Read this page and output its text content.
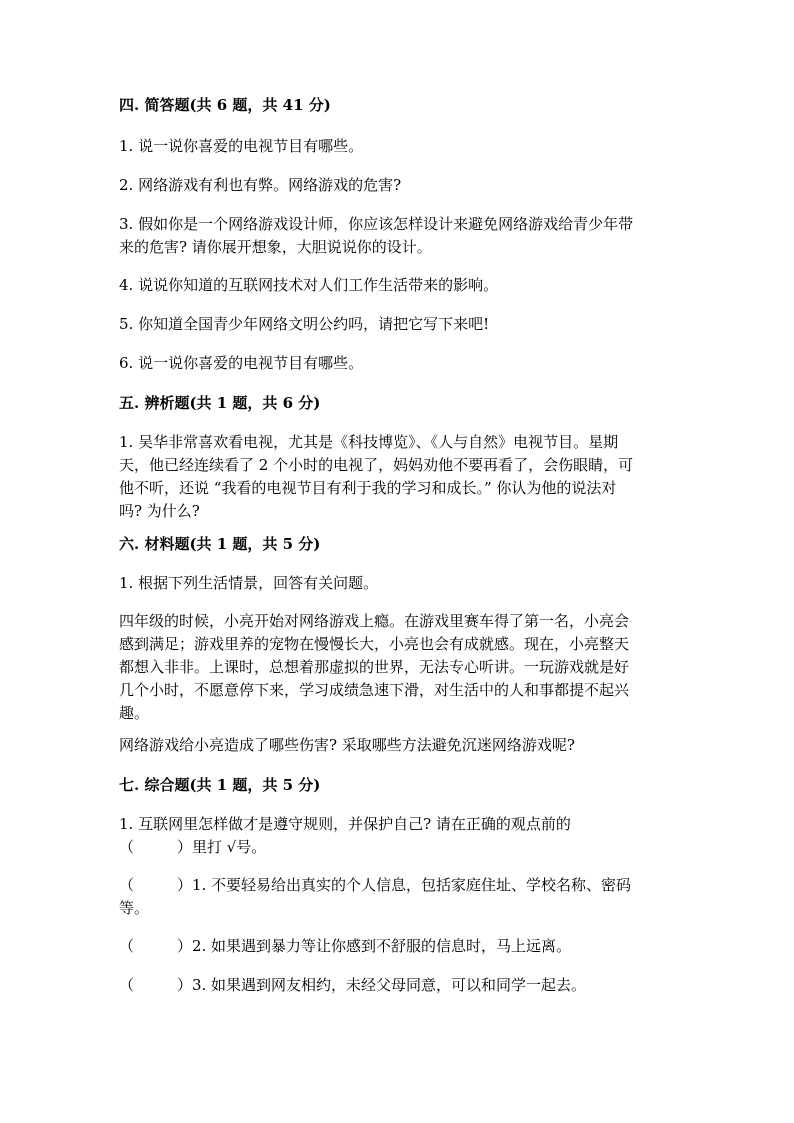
四. 简答题(共 6 题，共 41 分)
1. 说一说你喜爱的电视节目有哪些。
2. 网络游戏有利也有弊。网络游戏的危害?
3. 假如你是一个网络游戏设计师，你应该怎样设计来避免网络游戏给青少年带
来的危害? 请你展开想象，大胆说说你的设计。
4. 说说你知道的互联网技术对人们工作生活带来的影响。
5. 你知道全国青少年网络文明公约吗，请把它写下来吧!
6. 说一说你喜爱的电视节目有哪些。
五. 辨析题(共 1 题，共 6 分)
1. 吴华非常喜欢看电视，尤其是《科技博览》、《人与自然》电视节目。星期
天，他已经连续看了 2 个小时的电视了，妈妈劝他不要再看了，会伤眼睛，可
他不听，还说 “我看的电视节目有利于我的学习和成长。” 你认为他的说法对
吗? 为什么?
六. 材料题(共 1 题，共 5 分)
1. 根据下列生活情景，回答有关问题。
四年级的时候，小亮开始对网络游戏上瘾。在游戏里赛车得了第一名，小亮会
感到满足；游戏里养的宠物在慢慢长大，小亮也会有成就感。现在，小亮整天
都想入非非。上课时，总想着那虚拟的世界，无法专心听讲。一玩游戏就是好
几个小时，不愿意停下来，学习成绩急速下滑，对生活中的人和事都提不起兴
趣。
网络游戏给小亮造成了哪些伤害? 采取哪些方法避免沉迷网络游戏呢?
七. 综合题(共 1 题，共 5 分)
1. 互联网里怎样做才是遵守规则，并保护自己? 请在正确的观点前的
（	）里打 √号。
（	）1. 不要轻易给出真实的个人信息，包括家庭住址、学校名称、密码
等。
（	）2. 如果遇到暴力等让你感到不舒服的信息时，马上远离。
（	）3. 如果遇到网友相约，未经父母同意，可以和同学一起去。
